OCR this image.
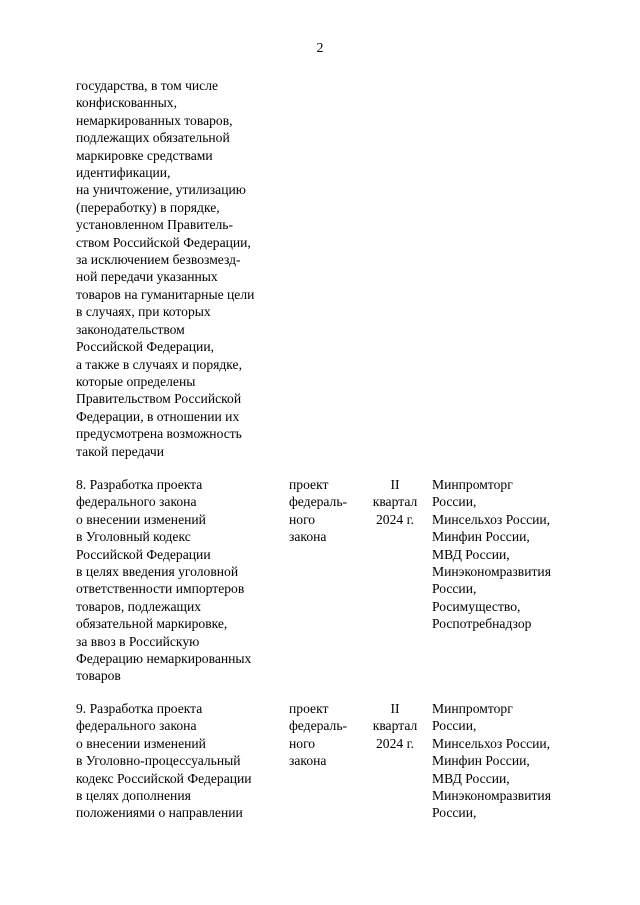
2
государства, в том числе
конфискованных,
немаркированных товаров,
подлежащих обязательной
маркировке средствами
идентификации,
на уничтожение, утилизацию
(переработку) в порядке,
установленном Правитель-
ством Российской Федерации,
за исключением безвозмезд-
ной передачи указанных
товаров на гуманитарные цели
в случаях, при которых
законодательством
Российской Федерации,
а также в случаях и порядке,
которые определены
Правительством Российской
Федерации, в отношении их
предусмотрена возможность
такой передачи
8. Разработка проекта
федерального закона
о внесении изменений
в Уголовный кодекс
Российской Федерации
в целях введения уголовной
ответственности импортеров
товаров, подлежащих
обязательной маркировке,
за ввоз в Российскую
Федерацию немаркированных
товаров
проект
федераль-
ного
закона
II
квартал
2024 г.
Минпромторг
России,
Минсельхоз России,
Минфин России,
МВД России,
Минэкономразвития
России,
Росимущество,
Роспотребнадзор
9. Разработка проекта
федерального закона
о внесении изменений
в Уголовно-процессуальный
кодекс Российской Федерации
в целях дополнения
положениями о направлении
проект
федераль-
ного
закона
II
квартал
2024 г.
Минпромторг
России,
Минсельхоз России,
Минфин России,
МВД России,
Минэкономразвития
России,
